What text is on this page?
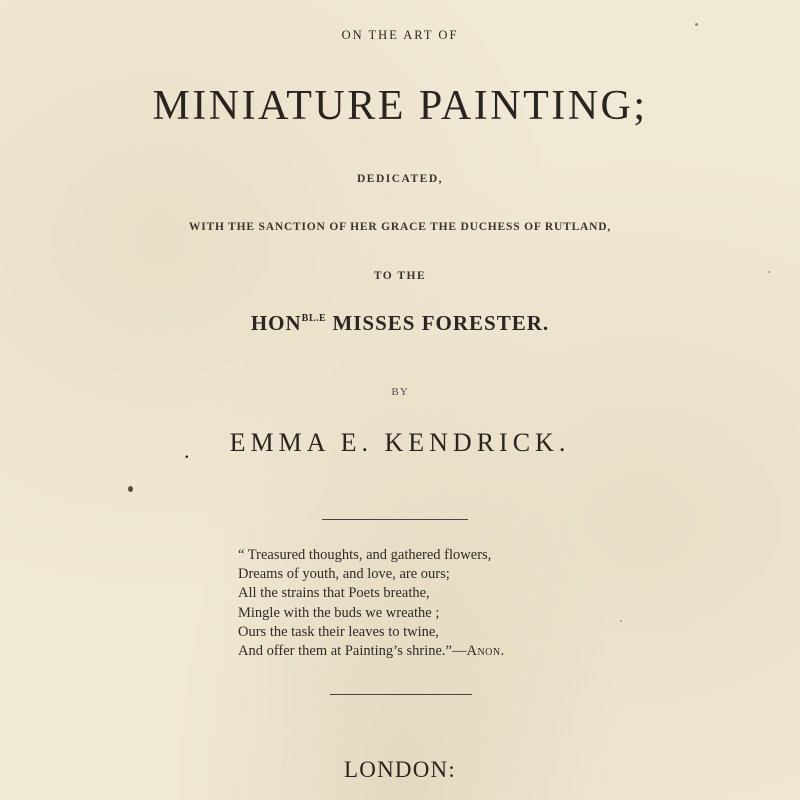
ON THE ART OF
MINIATURE PAINTING;
DEDICATED,
WITH THE SANCTION OF HER GRACE THE DUCHESS OF RUTLAND,
TO THE
$HON^{BL.E}$ MISSES FORESTER.
BY
.	EMMA E. KENDRICK.
“ Treasured thoughts, and gathered flowers,
Dreams of youth, and love, are ours;
All the strains that Poets breathe,
Mingle with the buds we wreathe ;
Ours the task their leaves to twine,
And offer them at Painting’s shrine.”—Anon.
LONDON:
